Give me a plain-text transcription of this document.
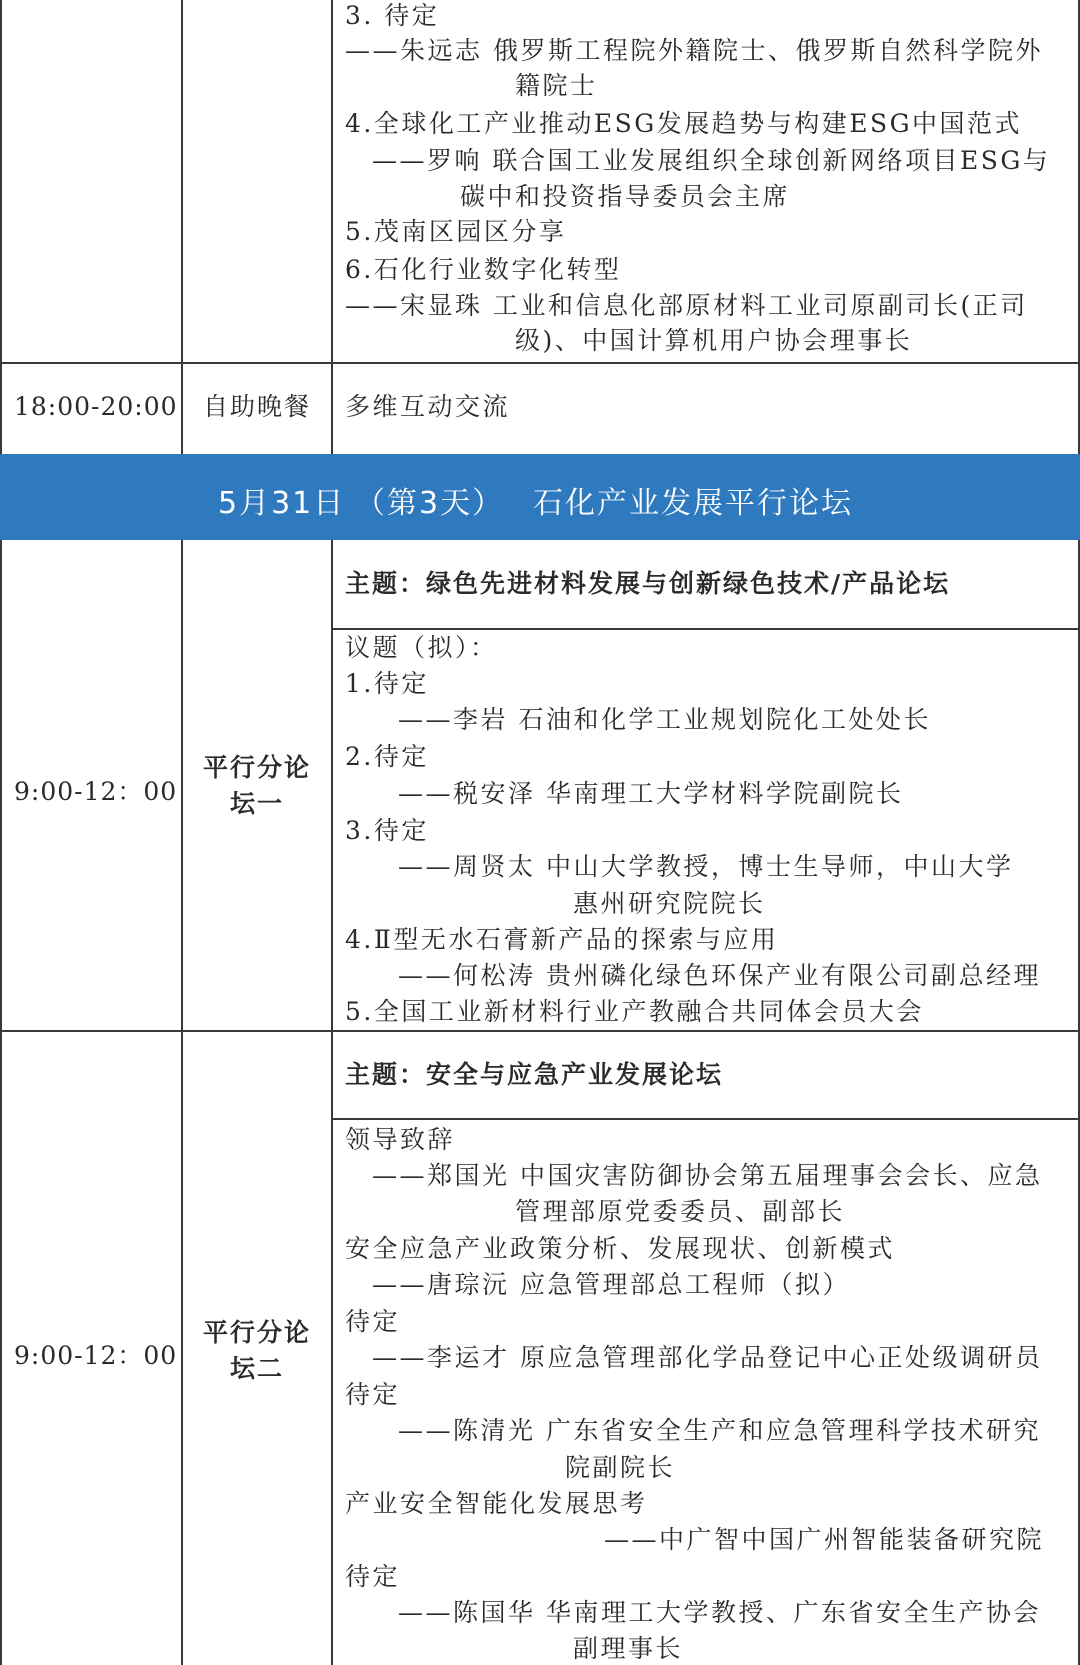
3. 待定
——朱远志 俄罗斯工程院外籍院士、俄罗斯自然科学院外
籍院士
4.全球化工产业推动ESG发展趋势与构建ESG中国范式
——罗响 联合国工业发展组织全球创新网络项目ESG与
碳中和投资指导委员会主席
5.茂南区园区分享
6.石化行业数字化转型
——宋显珠 工业和信息化部原材料工业司原副司长(正司
级)、中国计算机用户协会理事长
18:00-20:00	自助晚餐	多维互动交流
5月31日 （第3天） 石化产业发展平行论坛
9:00-12：00
平行分论
坛一
主题：绿色先进材料发展与创新绿色技术/产品论坛
议题（拟）：
1.待定
——李岩 石油和化学工业规划院化工处处长
2.待定
——税安泽 华南理工大学材料学院副院长
3.待定
——周贤太 中山大学教授，博士生导师，中山大学
惠州研究院院长
4.Ⅱ型无水石膏新产品的探索与应用
——何松涛 贵州磷化绿色环保产业有限公司副总经理
5.全国工业新材料行业产教融合共同体会员大会
9:00-12：00
平行分论
坛二
主题：安全与应急产业发展论坛
领导致辞
——郑国光 中国灾害防御协会第五届理事会会长、应急
管理部原党委委员、副部长
安全应急产业政策分析、发展现状、创新模式
——唐琮沅 应急管理部总工程师（拟）
待定
——李运才 原应急管理部化学品登记中心正处级调研员
待定
——陈清光 广东省安全生产和应急管理科学技术研究
院副院长
产业安全智能化发展思考
——中广智中国广州智能装备研究院
待定
——陈国华 华南理工大学教授、广东省安全生产协会
副理事长
